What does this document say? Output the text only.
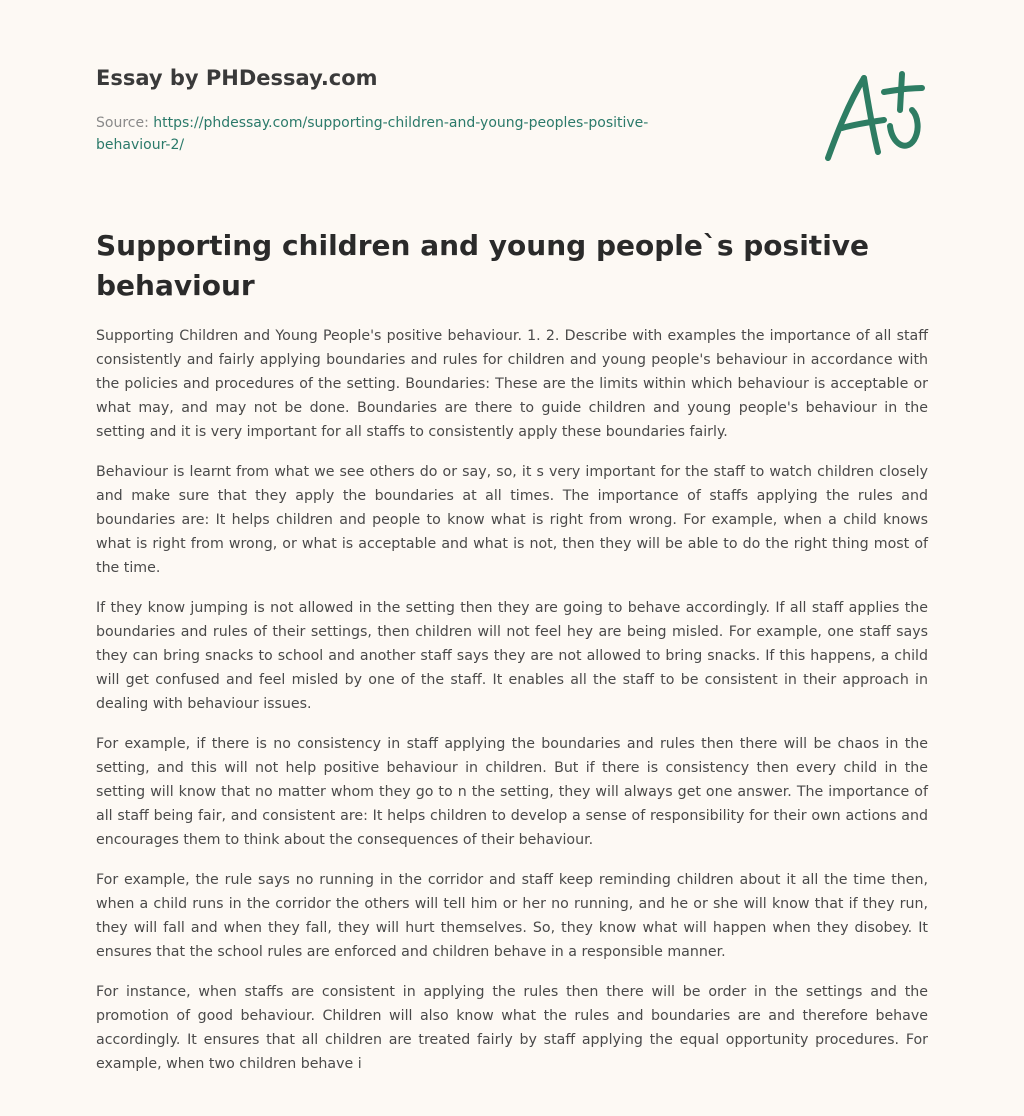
Essay by PHDessay.com
Source: https://phdessay.com/supporting-children-and-young-peoples-positive-behaviour-2/
Supporting children and young people`s positive behaviour

Supporting Children and Young People's positive behaviour. 1. 2. Describe with examples the importance of all staff consistently and fairly applying boundaries and rules for children and young people's behaviour in accordance with the policies and procedures of the setting. Boundaries: These are the limits within which behaviour is acceptable or what may, and may not be done. Boundaries are there to guide children and young people's behaviour in the setting and it is very important for all staffs to consistently apply these boundaries fairly.

Behaviour is learnt from what we see others do or say, so, it s very important for the staff to watch children closely and make sure that they apply the boundaries at all times. The importance of staffs applying the rules and boundaries are: It helps children and people to know what is right from wrong. For example, when a child knows what is right from wrong, or what is acceptable and what is not, then they will be able to do the right thing most of the time.

If they know jumping is not allowed in the setting then they are going to behave accordingly. If all staff applies the boundaries and rules of their settings, then children will not feel hey are being misled. For example, one staff says they can bring snacks to school and another staff says they are not allowed to bring snacks. If this happens, a child will get confused and feel misled by one of the staff. It enables all the staff to be consistent in their approach in dealing with behaviour issues.

For example, if there is no consistency in staff applying the boundaries and rules then there will be chaos in the setting, and this will not help positive behaviour in children. But if there is consistency then every child in the setting will know that no matter whom they go to n the setting, they will always get one answer. The importance of all staff being fair, and consistent are: It helps children to develop a sense of responsibility for their own actions and encourages them to think about the consequences of their behaviour.

For example, the rule says no running in the corridor and staff keep reminding children about it all the time then, when a child runs in the corridor the others will tell him or her no running, and he or she will know that if they run, they will fall and when they fall, they will hurt themselves. So, they know what will happen when they disobey. It ensures that the school rules are enforced and children behave in a responsible manner.

For instance, when staffs are consistent in applying the rules then there will be order in the settings and the promotion of good behaviour. Children will also know what the rules and boundaries are and therefore behave accordingly. It ensures that all children are treated fairly by staff applying the equal opportunity procedures. For example, when two children behave i
